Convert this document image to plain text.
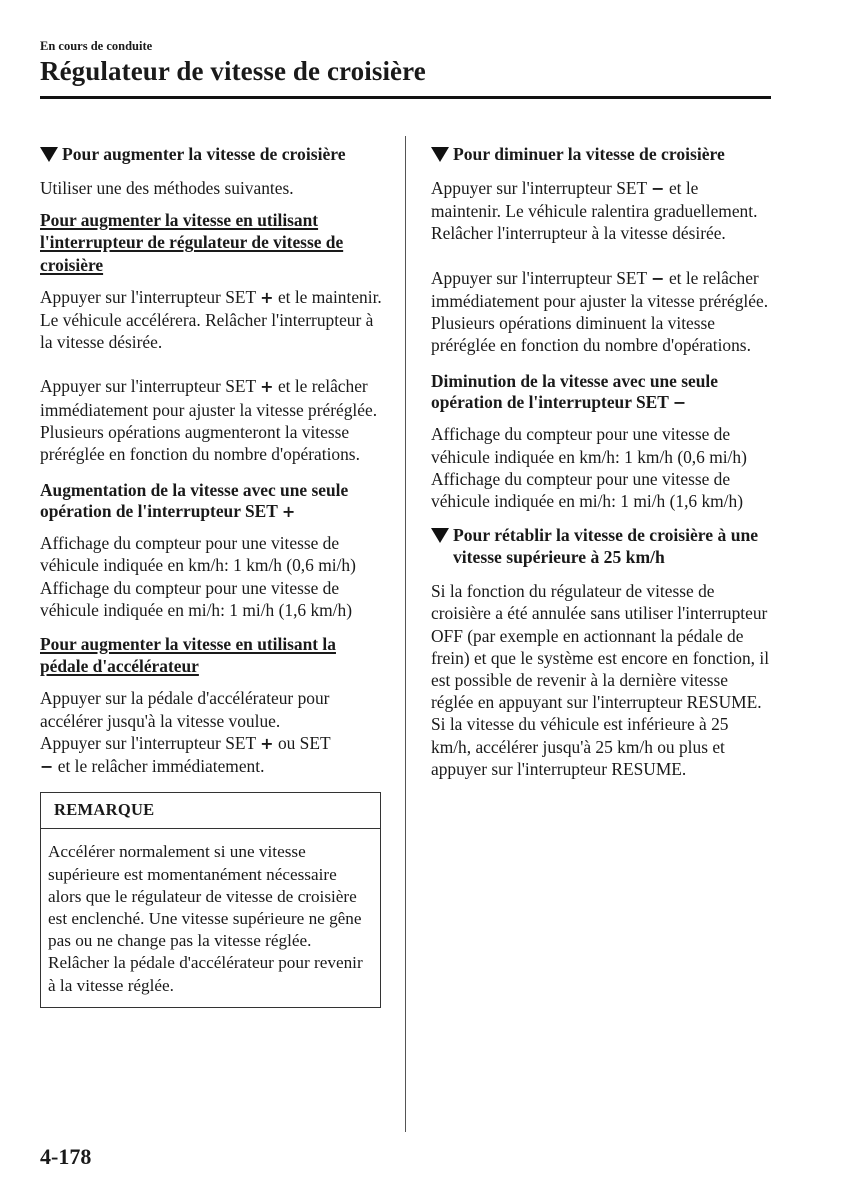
En cours de conduite
Régulateur de vitesse de croisière
Pour augmenter la vitesse de croisière

Utiliser une des méthodes suivantes.

Pour augmenter la vitesse en utilisant l'interrupteur de régulateur de vitesse de croisière

Appuyer sur l'interrupteur SET + et le maintenir. Le véhicule accélérera. Relâcher l'interrupteur à la vitesse désirée.

Appuyer sur l'interrupteur SET + et le relâcher immédiatement pour ajuster la vitesse préréglée. Plusieurs opérations augmenteront la vitesse préréglée en fonction du nombre d'opérations.

Augmentation de la vitesse avec une seule opération de l'interrupteur SET +

Affichage du compteur pour une vitesse de véhicule indiquée en km/h: 1 km/h (0,6 mi/h)

Affichage du compteur pour une vitesse de véhicule indiquée en mi/h: 1 mi/h (1,6 km/h)

Pour augmenter la vitesse en utilisant la pédale d'accélérateur

Appuyer sur la pédale d'accélérateur pour accélérer jusqu'à la vitesse voulue.

Appuyer sur l'interrupteur SET + ou SET
− et le relâcher immédiatement.

REMARQUE
Accélérer normalement si une vitesse supérieure est momentanément nécessaire alors que le régulateur de vitesse de croisière est enclenché. Une vitesse supérieure ne gêne pas ou ne change pas la vitesse réglée. Relâcher la pédale d'accélérateur pour revenir à la vitesse réglée.
Pour diminuer la vitesse de croisière

Appuyer sur l'interrupteur SET − et le maintenir. Le véhicule ralentira graduellement.

Relâcher l'interrupteur à la vitesse désirée.

Appuyer sur l'interrupteur SET − et le relâcher immédiatement pour ajuster la vitesse préréglée. Plusieurs opérations diminuent la vitesse préréglée en fonction du nombre d'opérations.

Diminution de la vitesse avec une seule opération de l'interrupteur SET −

Affichage du compteur pour une vitesse de véhicule indiquée en km/h: 1 km/h (0,6 mi/h)

Affichage du compteur pour une vitesse de véhicule indiquée en mi/h: 1 mi/h (1,6 km/h)

Pour rétablir la vitesse de croisière à une vitesse supérieure à 25 km/h

Si la fonction du régulateur de vitesse de croisière a été annulée sans utiliser l'interrupteur OFF (par exemple en actionnant la pédale de frein) et que le système est encore en fonction, il est possible de revenir à la dernière vitesse réglée en appuyant sur l'interrupteur RESUME.

Si la vitesse du véhicule est inférieure à 25 km/h, accélérer jusqu'à 25 km/h ou plus et appuyer sur l'interrupteur RESUME.

4-178
